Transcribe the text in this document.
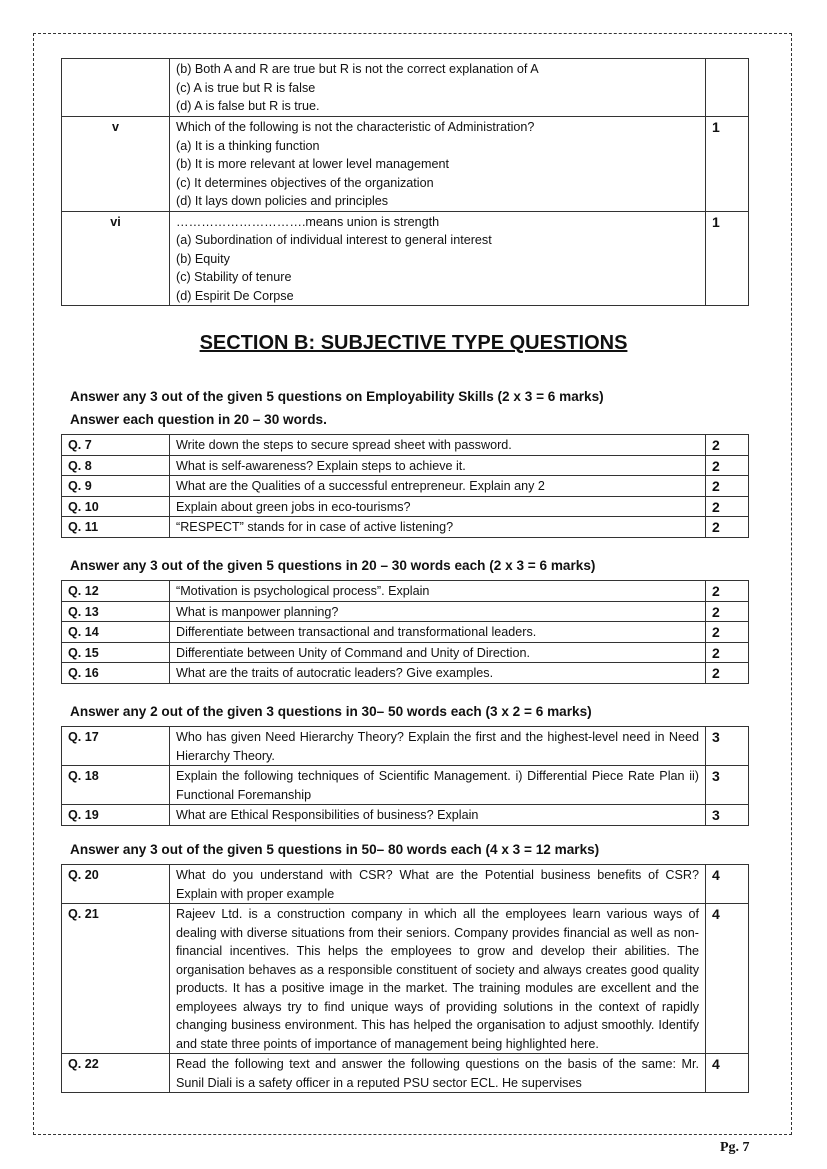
	(b) Both A and R are true but R is not the correct explanation of A
(c) A is true but R is false
(d) A is false but R is true.	

v	Which of the following is not the characteristic of Administration?
(a) It is a thinking function
(b) It is more relevant at lower level management
(c) It determines objectives of the organization
(d) It lays down policies and principles	1
vi	………………………….means union is strength
(a) Subordination of individual interest to general interest
(b) Equity
(c) Stability of tenure
(d) Espirit De Corpse	1
SECTION B: SUBJECTIVE TYPE QUESTIONS
Answer any 3 out of the given 5 questions on Employability Skills (2 x 3 = 6 marks)
Answer each question in 20 – 30 words.
Q. 7	Write down the steps to secure spread sheet with password.	2
Q. 8	What is self-awareness? Explain steps to achieve it.	2
Q. 9	What are the Qualities of a successful entrepreneur. Explain any 2	2
Q. 10	Explain about green jobs in eco-tourisms?	2
Q. 11	“RESPECT” stands for in case of active listening?	2
Answer any 3 out of the given 5 questions in 20 – 30 words each (2 x 3 = 6 marks)
Q. 12	“Motivation is psychological process”. Explain	2
Q. 13	What is manpower planning?	2
Q. 14	Differentiate between transactional and transformational leaders.	2
Q. 15	Differentiate between Unity of Command and Unity of Direction.	2
Q. 16	What are the traits of autocratic leaders? Give examples.	2
Answer any 2 out of the given 3 questions in 30– 50 words each (3 x 2 = 6 marks)
Q. 17	Who has given Need Hierarchy Theory? Explain the first and the highest-level need in Need Hierarchy Theory.	3
Q. 18	Explain the following techniques of Scientific Management. i) Differential Piece Rate Plan ii) Functional Foremanship	3
Q. 19	What are Ethical Responsibilities of business? Explain	3
Answer any 3 out of the given 5 questions in 50– 80 words each (4 x 3 = 12 marks)
Q. 20	What do you understand with CSR? What are the Potential business benefits of CSR? Explain with proper example	4
Q. 21	Rajeev Ltd. is a construction company in which all the employees learn various ways of dealing with diverse situations from their seniors. Company provides financial as well as non-financial incentives. This helps the employees to grow and develop their abilities. The organisation behaves as a responsible constituent of society and always creates good quality products. It has a positive image in the market. The training modules are excellent and the employees always try to find unique ways of providing solutions in the context of rapidly changing business environment. This has helped the organisation to adjust smoothly. Identify and state three points of importance of management being highlighted here.	4
Q. 22	Read the following text and answer the following questions on the basis of the same: Mr. Sunil Diali is a safety officer in a reputed PSU sector ECL. He supervises	4
Pg. 7
